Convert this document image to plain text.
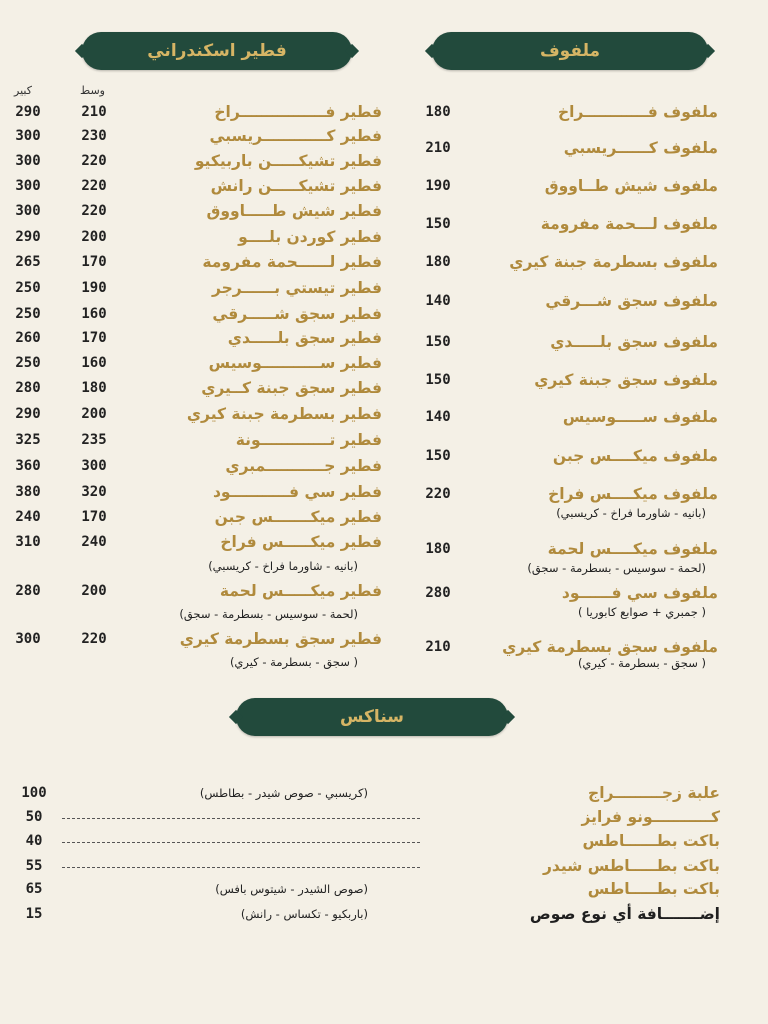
فطير اسكندراني	ملفوف
سناكس
كبير	وسط
290	210	فطير فــــــــــــــــراخ
300	230	فطير كــــــــــــريسبي
300	220	فطير تشيكـــــن باربيكيو
300	220	فطير تشيكـــــن رانش
300	220	فطير شيش طـــــاووق
290	200	فطير كوردن بلــــو
265	170	فطير لــــــحمة مفرومة
250	190	فطير تيستي بــــــرجر
250	160	فطير سجق شـــــرقي
260	170	فطير سجق بلـــــدي
250	160	فطير ســـــــــــوسيس
280	180	فطير سجق جبنة كــيري
290	200	فطير بسطرمة جبنة كيري
325	235	فطير تـــــــــــــونة
360	300	فطير جـــــــــــمبري
380	320	فطير سي فـــــــــــود
240	170	فطير ميكـــــــس جبن
310	240	فطير ميكـــــس فراخ
(بانيه - شاورما فراخ - كريسبي)
280	200	فطير ميكـــــس لحمة
(لحمة - سوسيس - بسطرمة - سجق)
300	220	فطير سجق بسطرمة كيري
( سجق - بسطرمة - كيري)
180	ملفوف فــــــــــــراخ
210	ملفوف كــــــريسبي
190	ملفوف شيش طــاووق
150	ملفوف لـــحمة مفرومة
180	ملفوف بسطرمة جبنة كيري
140	ملفوف سجق شـــرقي
150	ملفوف سجق بلـــــدي
150	ملفوف سجق جبنة كيري
140	ملفوف ســـــوسيس
150	ملفوف ميكــــس جبن
220	ملفوف ميكــــس فراخ
(بانيه - شاورما فراخ - كريسبي)
180	ملفوف ميكــــس لحمة
(لحمة - سوسيس - بسطرمة - سجق)
280	ملفوف سي فــــــود
( جمبري + صوابع كابوريا )
210	ملفوف سجق بسطرمة كيري
( سجق - بسطرمة - كيري)
100	علبة زجـــــــــراج
(كريسبي - صوص شيدر - بطاطس)
50	كـــــــــــونو فرايز
40	باكت بطــــــاطس
55	باكت بطـــــاطس شيدر
65	باكت بطـــــاطس
(صوص الشيدر - شيتوس بافس)
15	إضـــــــافة أي نوع صوص
(باربكيو - تكساس - رانش)
